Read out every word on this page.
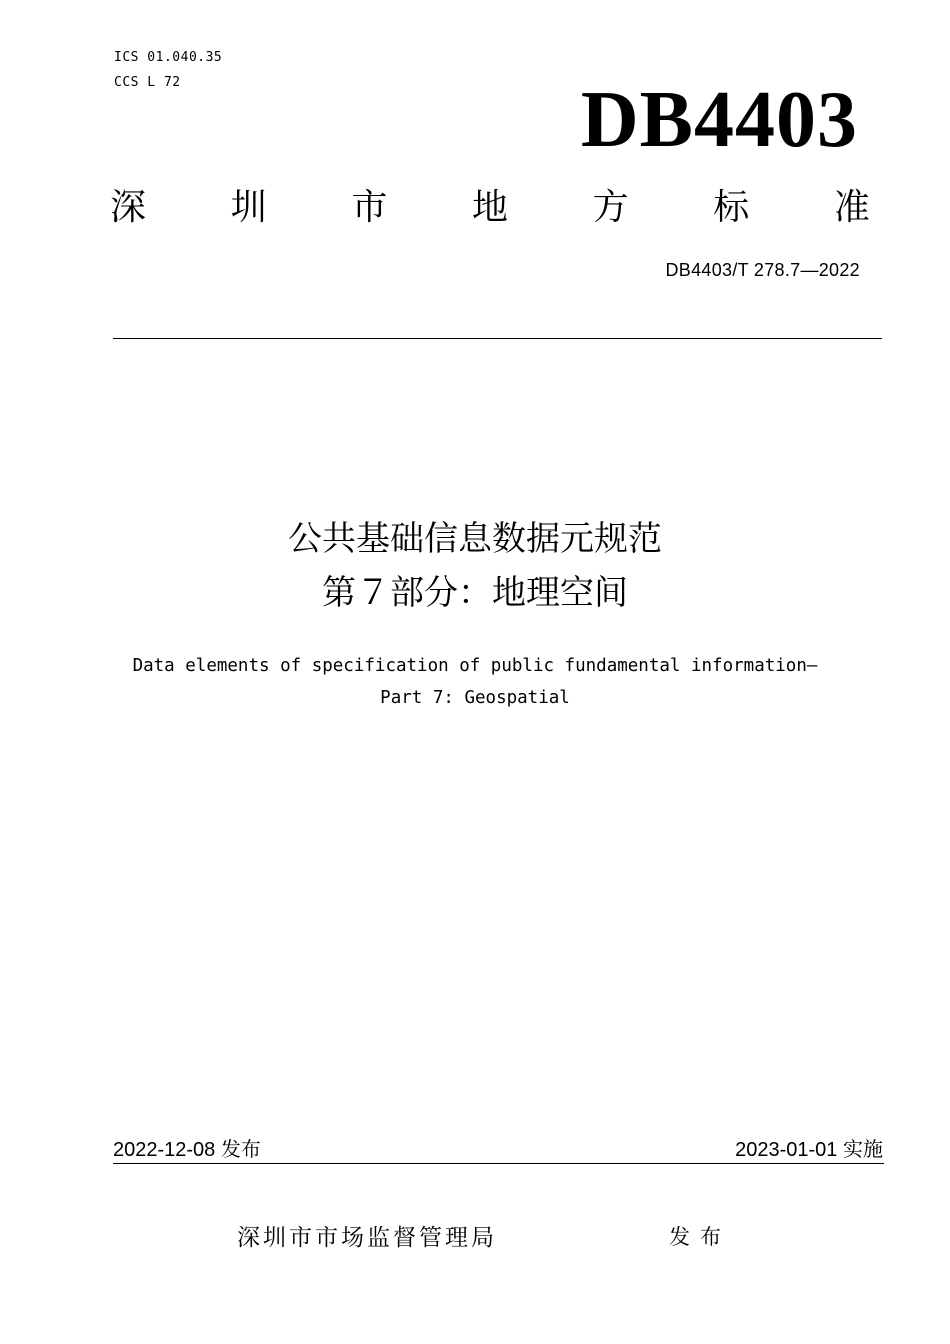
ICS 01.040.35
CCS L 72	DB4403
深 圳 市 地 方 标 准
DB4403/T 278.7—2022
公共基础信息数据元规范
第７部分：地理空间
Data elements of specification of public fundamental information—
Part 7: Geospatial
2022-12-08 发布	2023-01-01 实施
深圳市市场监督管理局	发布
